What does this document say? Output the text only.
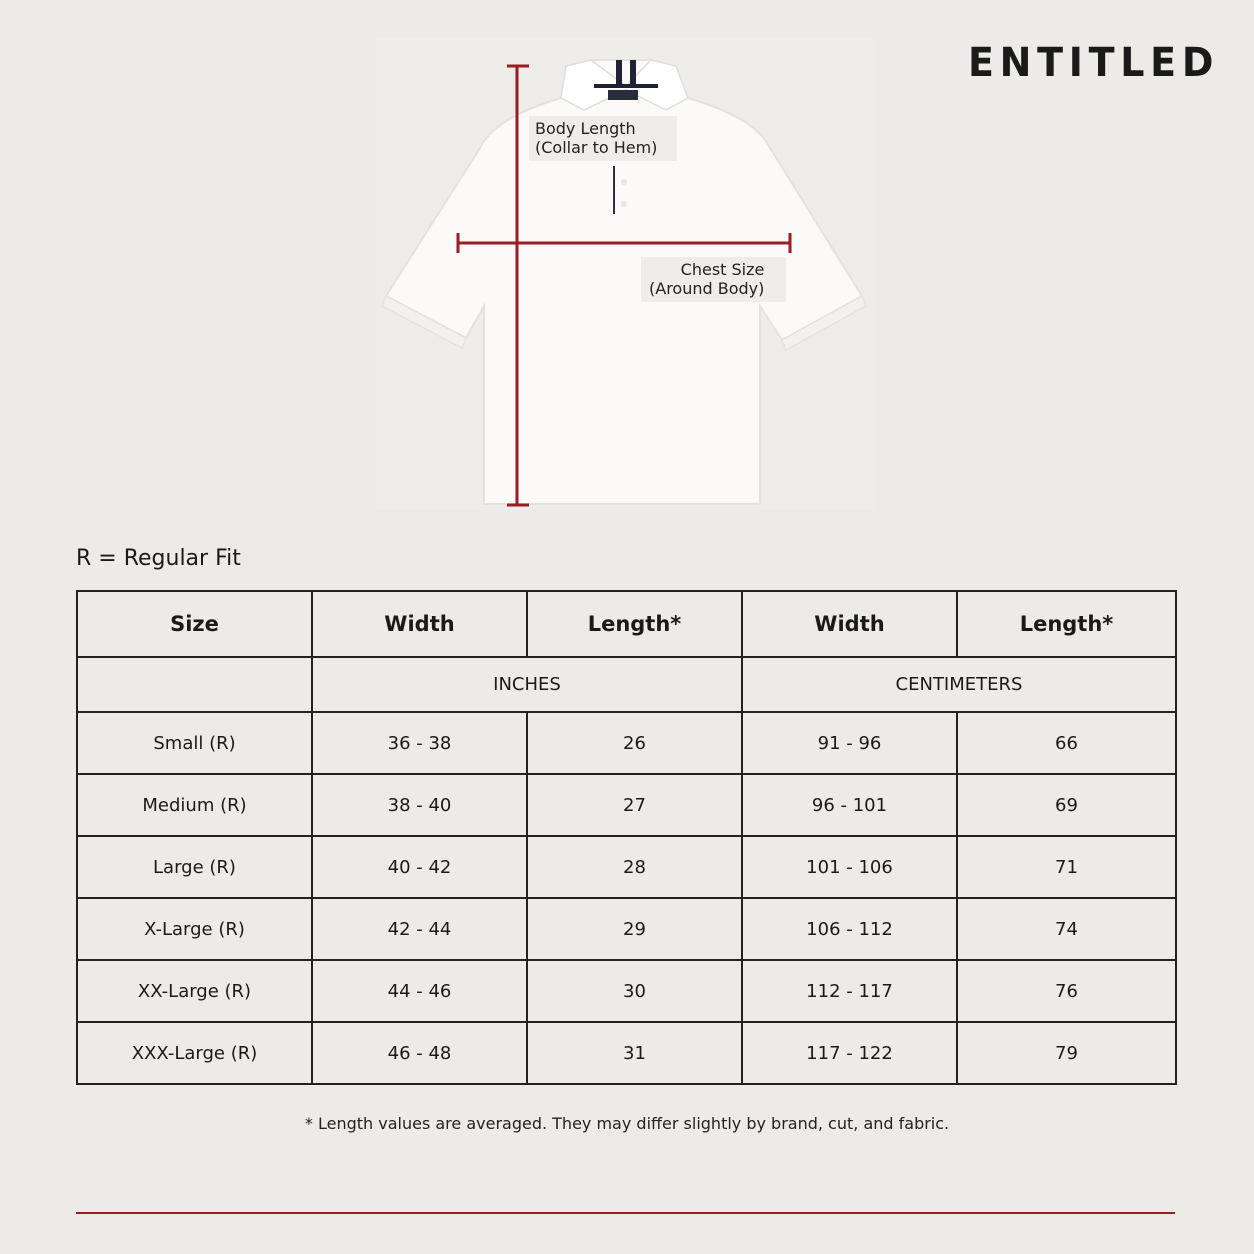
ENTITLED
Body Length
(Collar to Hem)
Chest Size
(Around Body)
R = Regular Fit
Size	Width	Length*	Width	Length*
	INCHES		CENTIMETERS	
Small (R)	36 - 38	26	91 - 96	66
Medium (R)	38 - 40	27	96 - 101	69
Large (R)	40 - 42	28	101 - 106	71
X-Large (R)	42 - 44	29	106 - 112	74
XX-Large (R)	44 - 46	30	112 - 117	76
XXX-Large (R)	46 - 48	31	117 - 122	79
* Length values are averaged. They may differ slightly by brand, cut, and fabric.
